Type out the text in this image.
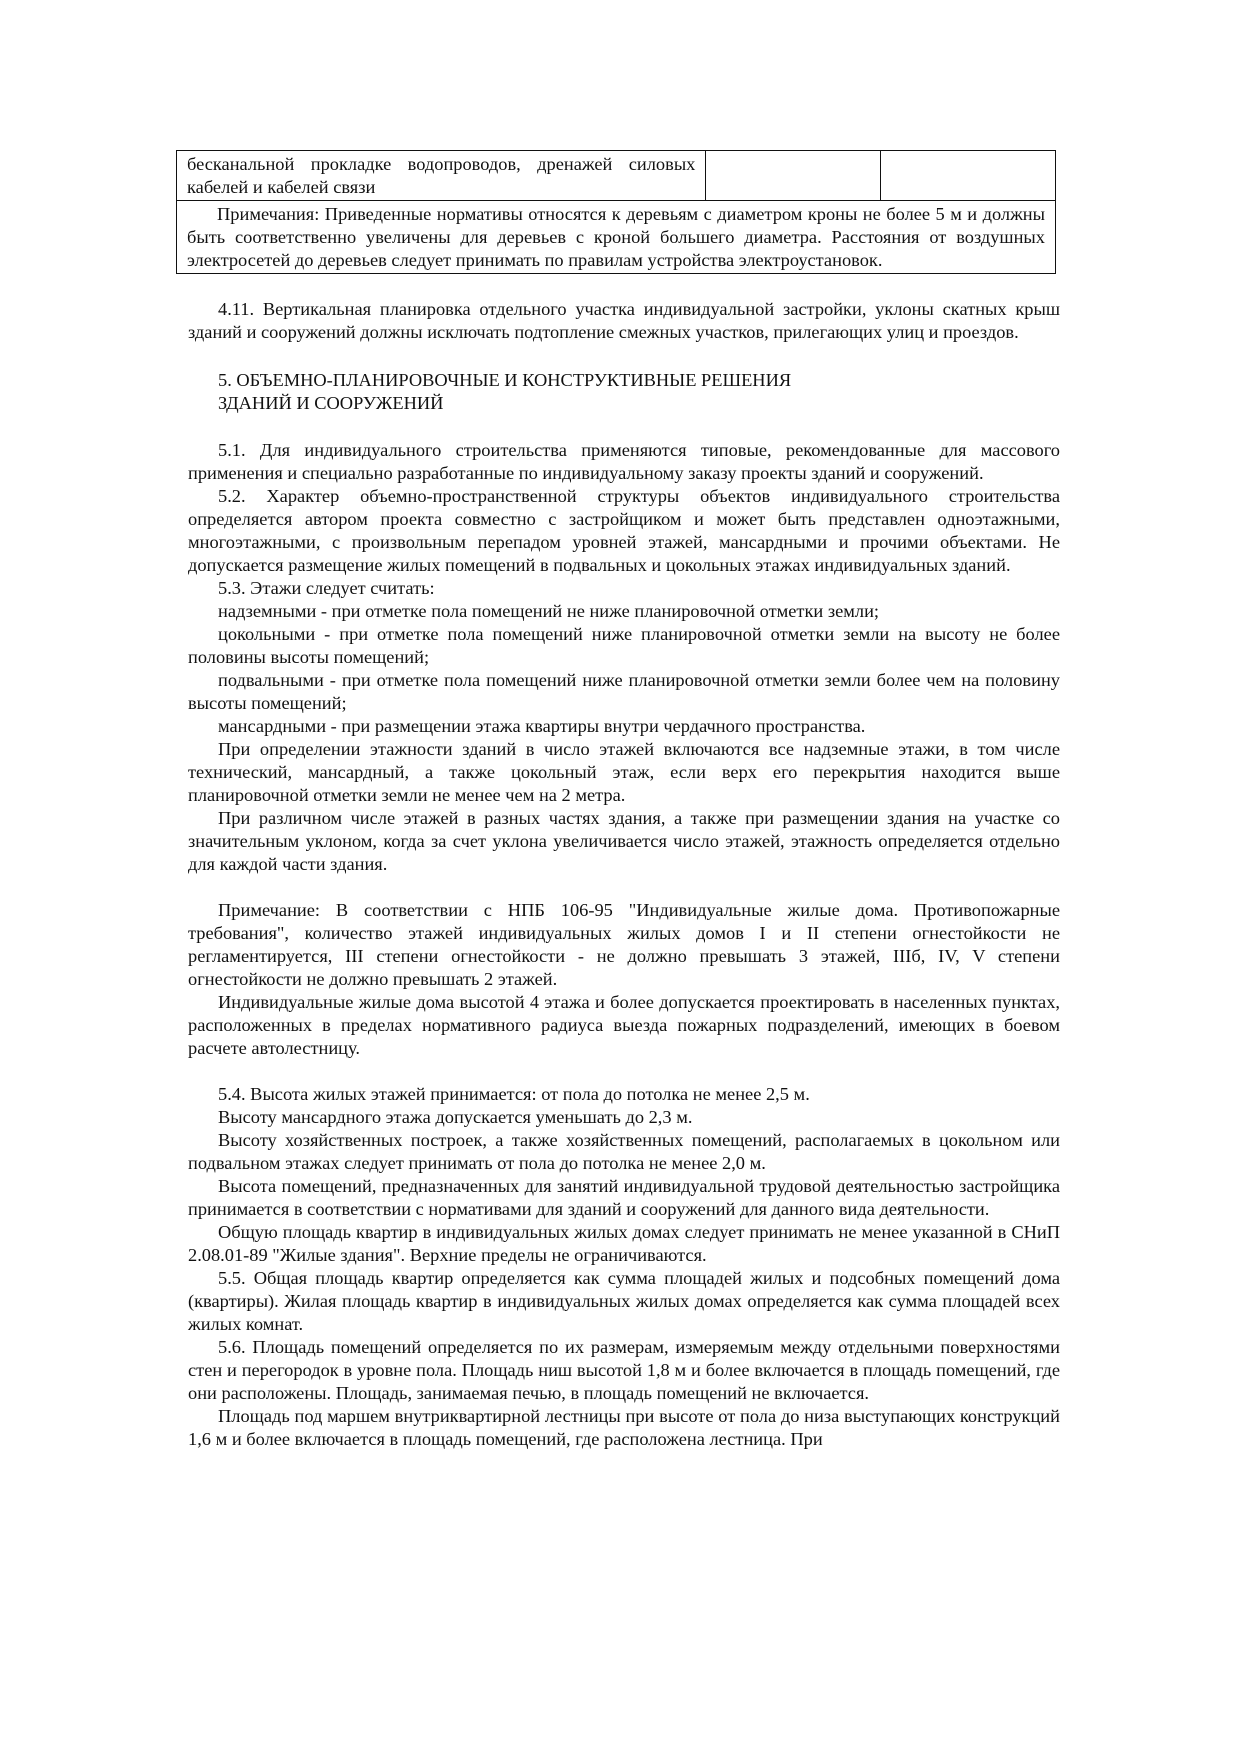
бесканальной прокладке водопроводов, дренажей силовых кабелей и кабелей связи		
Примечания: Приведенные нормативы относятся к деревьям с диаметром кроны не более 5 м и должны быть соответственно увеличены для деревьев с кроной большего диаметра. Расстояния от воздушных электросетей до деревьев следует принимать по правилам устройства электроустановок.

4.11. Вертикальная планировка отдельного участка индивидуальной застройки, уклоны скатных крыш зданий и сооружений должны исключать подтопление смежных участков, прилегающих улиц и проездов.

5. ОБЪЕМНО-ПЛАНИРОВОЧНЫЕ И КОНСТРУКТИВНЫЕ РЕШЕНИЯ
ЗДАНИЙ И СООРУЖЕНИЙ

5.1. Для индивидуального строительства применяются типовые, рекомендованные для массового применения и специально разработанные по индивидуальному заказу проекты зданий и сооружений.

5.2. Характер объемно-пространственной структуры объектов индивидуального строительства определяется автором проекта совместно с застройщиком и может быть представлен одноэтажными, многоэтажными, с произвольным перепадом уровней этажей, мансардными и прочими объектами. Не допускается размещение жилых помещений в подвальных и цокольных этажах индивидуальных зданий.

5.3. Этажи следует считать:

надземными - при отметке пола помещений не ниже планировочной отметки земли;

цокольными - при отметке пола помещений ниже планировочной отметки земли на высоту не более половины высоты помещений;

подвальными - при отметке пола помещений ниже планировочной отметки земли более чем на половину высоты помещений;

мансардными - при размещении этажа квартиры внутри чердачного пространства.

При определении этажности зданий в число этажей включаются все надземные этажи, в том числе технический, мансардный, а также цокольный этаж, если верх его перекрытия находится выше планировочной отметки земли не менее чем на 2 метра.

При различном числе этажей в разных частях здания, а также при размещении здания на участке со значительным уклоном, когда за счет уклона увеличивается число этажей, этажность определяется отдельно для каждой части здания.

Примечание: В соответствии с НПБ 106-95 "Индивидуальные жилые дома. Противопожарные требования", количество этажей индивидуальных жилых домов I и II степени огнестойкости не регламентируется, III степени огнестойкости - не должно превышать 3 этажей, IIIб, IV, V степени огнестойкости не должно превышать 2 этажей.

Индивидуальные жилые дома высотой 4 этажа и более допускается проектировать в населенных пунктах, расположенных в пределах нормативного радиуса выезда пожарных подразделений, имеющих в боевом расчете автолестницу.

5.4. Высота жилых этажей принимается: от пола до потолка не менее 2,5 м.

Высоту мансардного этажа допускается уменьшать до 2,3 м.

Высоту хозяйственных построек, а также хозяйственных помещений, располагаемых в цокольном или подвальном этажах следует принимать от пола до потолка не менее 2,0 м.

Высота помещений, предназначенных для занятий индивидуальной трудовой деятельностью застройщика принимается в соответствии с нормативами для зданий и сооружений для данного вида деятельности.

Общую площадь квартир в индивидуальных жилых домах следует принимать не менее указанной в СНиП 2.08.01-89 "Жилые здания". Верхние пределы не ограничиваются.

5.5. Общая площадь квартир определяется как сумма площадей жилых и подсобных помещений дома (квартиры). Жилая площадь квартир в индивидуальных жилых домах определяется как сумма площадей всех жилых комнат.

5.6. Площадь помещений определяется по их размерам, измеряемым между отдельными поверхностями стен и перегородок в уровне пола. Площадь ниш высотой 1,8 м и более включается в площадь помещений, где они расположены. Площадь, занимаемая печью, в площадь помещений не включается.

Площадь под маршем внутриквартирной лестницы при высоте от пола до низа выступающих конструкций 1,6 м и более включается в площадь помещений, где расположена лестница. При
